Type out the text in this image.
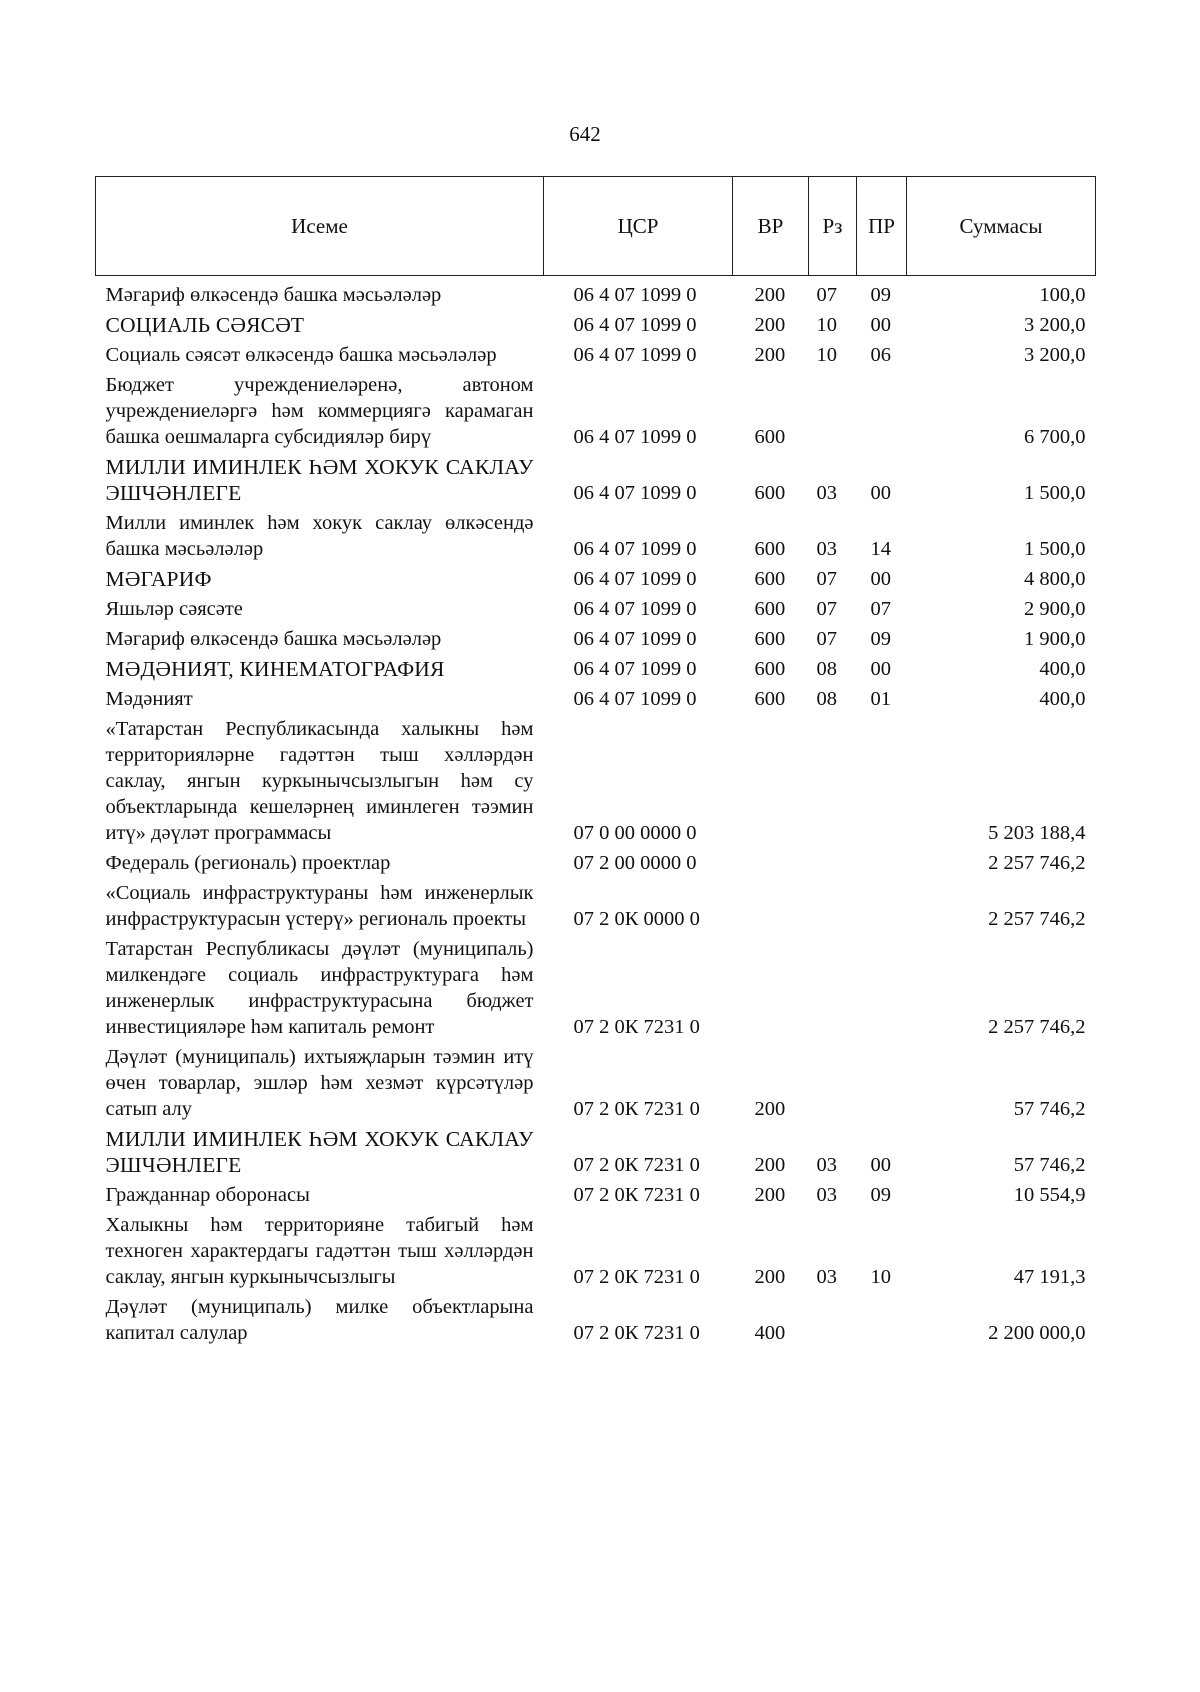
642
Исеме	ЦСР	ВР	Рз	ПР	Суммасы
Мәгариф өлкәсендә башка мәсьәләләр	06 4 07 1099 0	200	07	09	100,0
СОЦИАЛЬ СӘЯСӘТ	06 4 07 1099 0	200	10	00	3 200,0
Социаль сәясәт өлкәсендә башка мәсьәләләр	06 4 07 1099 0	200	10	06	3 200,0
Бюджет учреждениеләренә, автоном учреждениеләргә һәм коммерциягә карамаган башка оешмаларга субсидияләр бирү	06 4 07 1099 0	600			6 700,0
МИЛЛИ ИМИНЛЕК ҺӘМ ХОКУК САКЛАУ ЭШЧӘНЛЕГЕ	06 4 07 1099 0	600	03	00	1 500,0
Милли иминлек һәм хокук саклау өлкәсендә башка мәсьәләләр	06 4 07 1099 0	600	03	14	1 500,0
МӘГАРИФ	06 4 07 1099 0	600	07	00	4 800,0
Яшьләр сәясәте	06 4 07 1099 0	600	07	07	2 900,0
Мәгариф өлкәсендә башка мәсьәләләр	06 4 07 1099 0	600	07	09	1 900,0
МӘДӘНИЯТ, КИНЕМАТОГРАФИЯ	06 4 07 1099 0	600	08	00	400,0
Мәдәният	06 4 07 1099 0	600	08	01	400,0
«Татарстан Республикасында халыкны һәм территорияләрне гадәттән тыш хәлләрдән саклау, янгын куркынычсызлыгын һәм су объектларында кешеләрнең иминлеген тәэмин итү» дәүләт программасы	07 0 00 0000 0				5 203 188,4
Федераль (региональ) проектлар	07 2 00 0000 0				2 257 746,2
«Социаль инфраструктураны һәм инженерлык инфраструктурасын үстерү» региональ проекты	07 2 0К 0000 0				2 257 746,2
Татарстан Республикасы дәүләт (муниципаль) милкендәге социаль инфраструктурага һәм инженерлык инфраструктурасына бюджет инвестицияләре һәм капиталь ремонт	07 2 0К 7231 0				2 257 746,2
Дәүләт (муниципаль) ихтыяҗларын тәэмин итү өчен товарлар, эшләр һәм хезмәт күрсәтүләр сатып алу	07 2 0К 7231 0	200			57 746,2
МИЛЛИ ИМИНЛЕК ҺӘМ ХОКУК САКЛАУ ЭШЧӘНЛЕГЕ	07 2 0К 7231 0	200	03	00	57 746,2
Гражданнар оборонасы	07 2 0К 7231 0	200	03	09	10 554,9
Халыкны һәм территорияне табигый һәм техноген характердагы гадәттән тыш хәлләрдән саклау, янгын куркынычсызлыгы	07 2 0К 7231 0	200	03	10	47 191,3
Дәүләт (муниципаль) милке объектларына капитал салулар	07 2 0К 7231 0	400			2 200 000,0
